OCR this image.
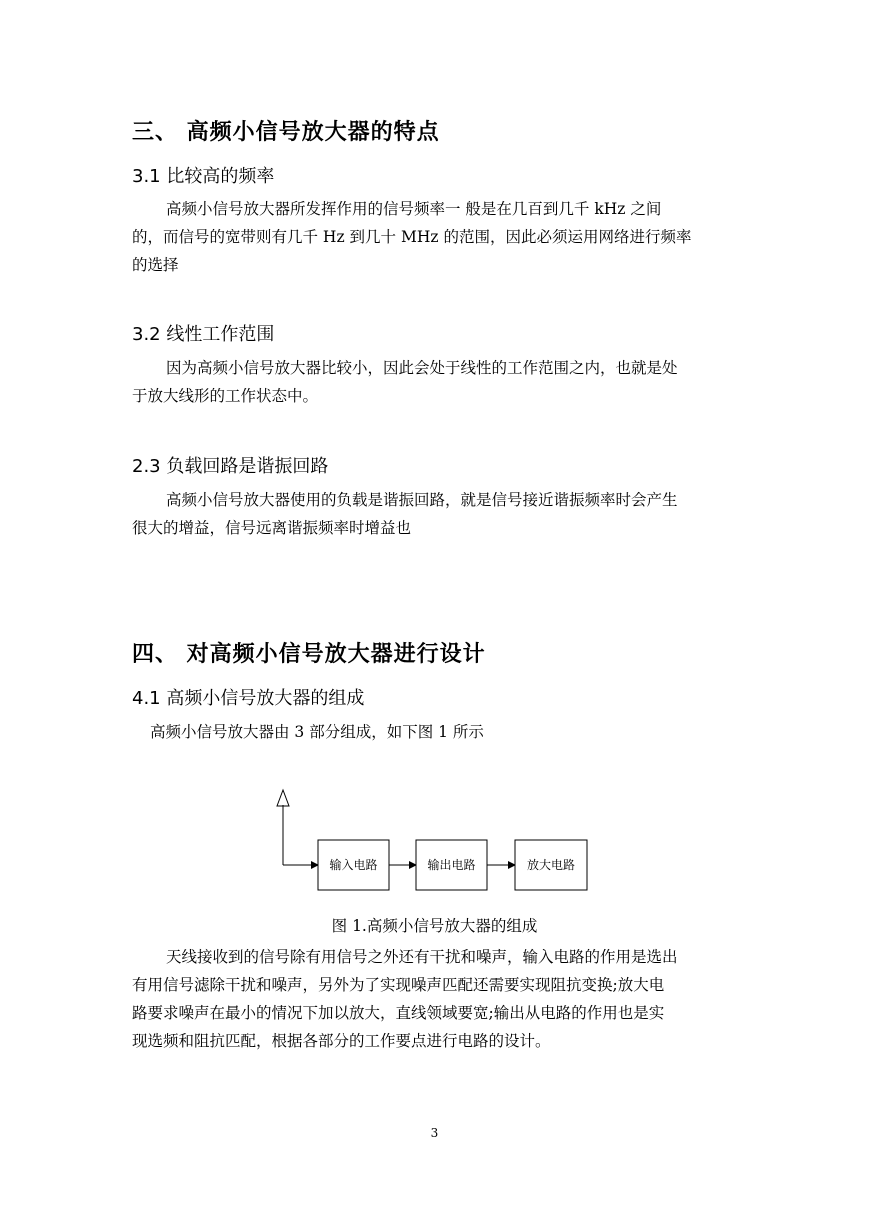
三、 高频小信号放大器的特点
3.1 比较高的频率
高频小信号放大器所发挥作用的信号频率一 般是在几百到几千 kHz 之间
的，而信号的宽带则有几千 Hz 到几十 MHz 的范围，因此必须运用网络进行频率
的选择
3.2 线性工作范围
因为高频小信号放大器比较小，因此会处于线性的工作范围之内，也就是处
于放大线形的工作状态中。
2.3 负载回路是谐振回路
高频小信号放大器使用的负载是谐振回路，就是信号接近谐振频率时会产生
很大的增益，信号远离谐振频率时增益也
四、 对高频小信号放大器进行设计
4.1 高频小信号放大器的组成
高频小信号放大器由 3 部分组成，如下图 1 所示
输入电路	输出电路	放大电路
图 1.高频小信号放大器的组成
天线接收到的信号除有用信号之外还有干扰和噪声，输入电路的作用是选出
有用信号滤除干扰和噪声，另外为了实现噪声匹配还需要实现阻抗变换;放大电
路要求噪声在最小的情况下加以放大，直线领域要宽;输出从电路的作用也是实
现选频和阻抗匹配，根据各部分的工作要点进行电路的设计。
3
